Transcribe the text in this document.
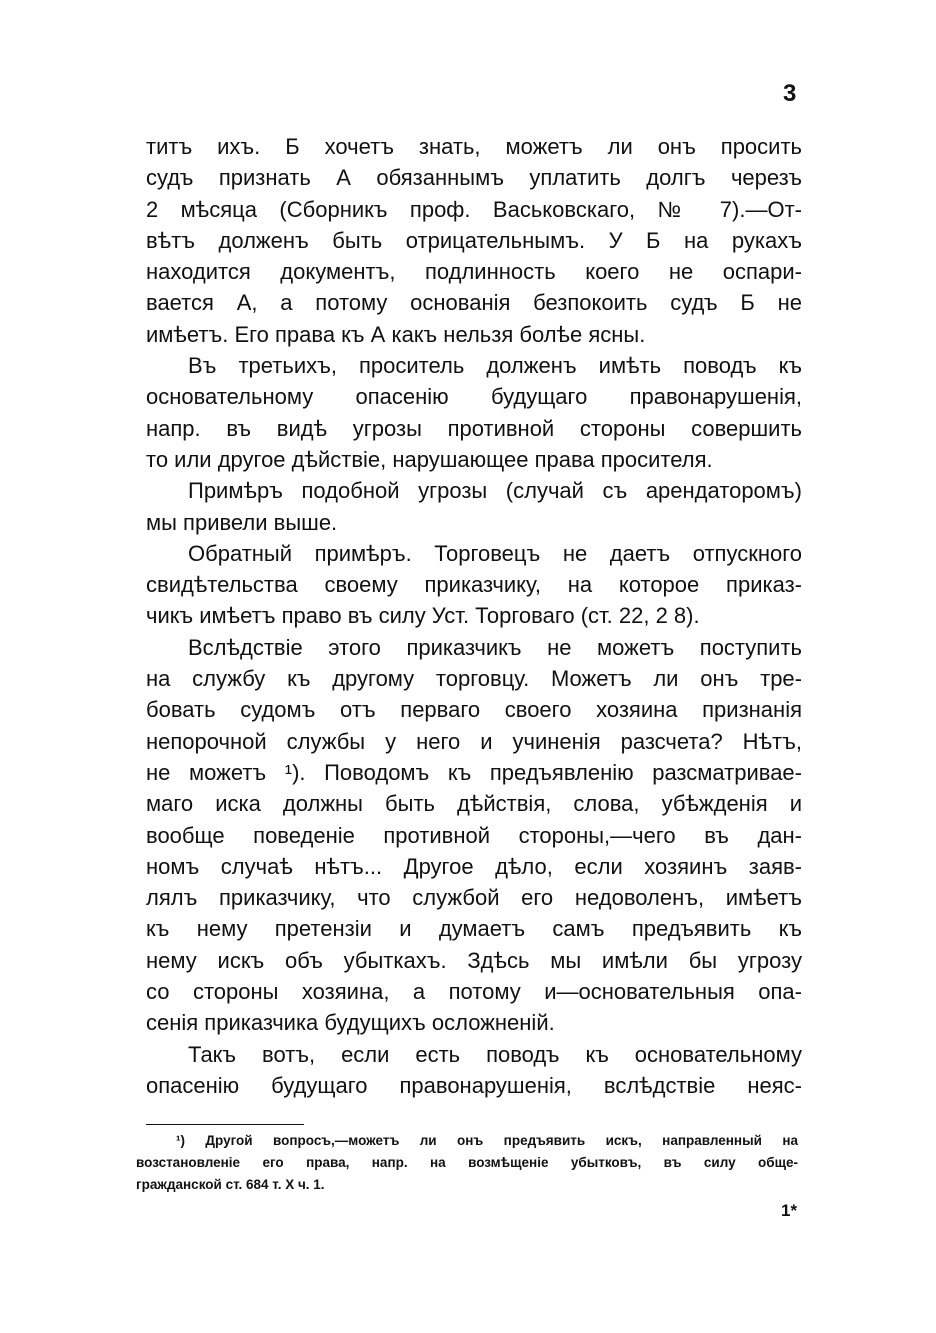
3
титъ ихъ. Б хочетъ знать, можетъ ли онъ просить
судъ признать А обязаннымъ уплатить долгъ черезъ
2 мѣсяца (Сборникъ проф. Васьковскаго, № 7).—От-
вѣтъ долженъ быть отрицательнымъ. У Б на рукахъ
находится документъ, подлинность коего не оспари-
вается А, а потому основанія безпокоить судъ Б не
имѣетъ. Его права къ А какъ нельзя болѣе ясны.
Въ третьихъ, проситель долженъ имѣть поводъ къ
основательному опасенію будущаго правонарушенія,
напр. въ видѣ угрозы противной стороны совершить
то или другое дѣйствіе, нарушающее права просителя.
Примѣръ подобной угрозы (случай съ арендаторомъ)
мы привели выше.
Обратный примѣръ. Торговецъ не даетъ отпускного
свидѣтельства своему приказчику, на которое приказ-
чикъ имѣетъ право въ силу Уст. Торговаго (ст. 22, 2 8).
Вслѣдствіе этого приказчикъ не можетъ поступить
на службу къ другому торговцу. Можетъ ли онъ тре-
бовать судомъ отъ перваго своего хозяина признанія
непорочной службы у него и учиненія разсчета? Нѣтъ,
не можетъ ¹). Поводомъ къ предъявленію разсматривае-
маго иска должны быть дѣйствія, слова, убѣжденія и
вообще поведеніе противной стороны,—чего въ дан-
номъ случаѣ нѣтъ... Другое дѣло, если хозяинъ заяв-
лялъ приказчику, что службой его недоволенъ, имѣетъ
къ нему претензіи и думаетъ самъ предъявить къ
нему искъ объ убыткахъ. Здѣсь мы имѣли бы угрозу
со стороны хозяина, а потому и—основательныя опа-
сенія приказчика будущихъ осложненій.
Такъ вотъ, если есть поводъ къ основательному
опасенію будущаго правонарушенія, вслѣдствіе неяс-
¹) Другой вопросъ,—можетъ ли онъ предъявить искъ, направленный на
возстановленіе его права, напр. на возмѣщеніе убытковъ, въ силу обще-
гражданской ст. 684 т. X ч. 1.
1*
